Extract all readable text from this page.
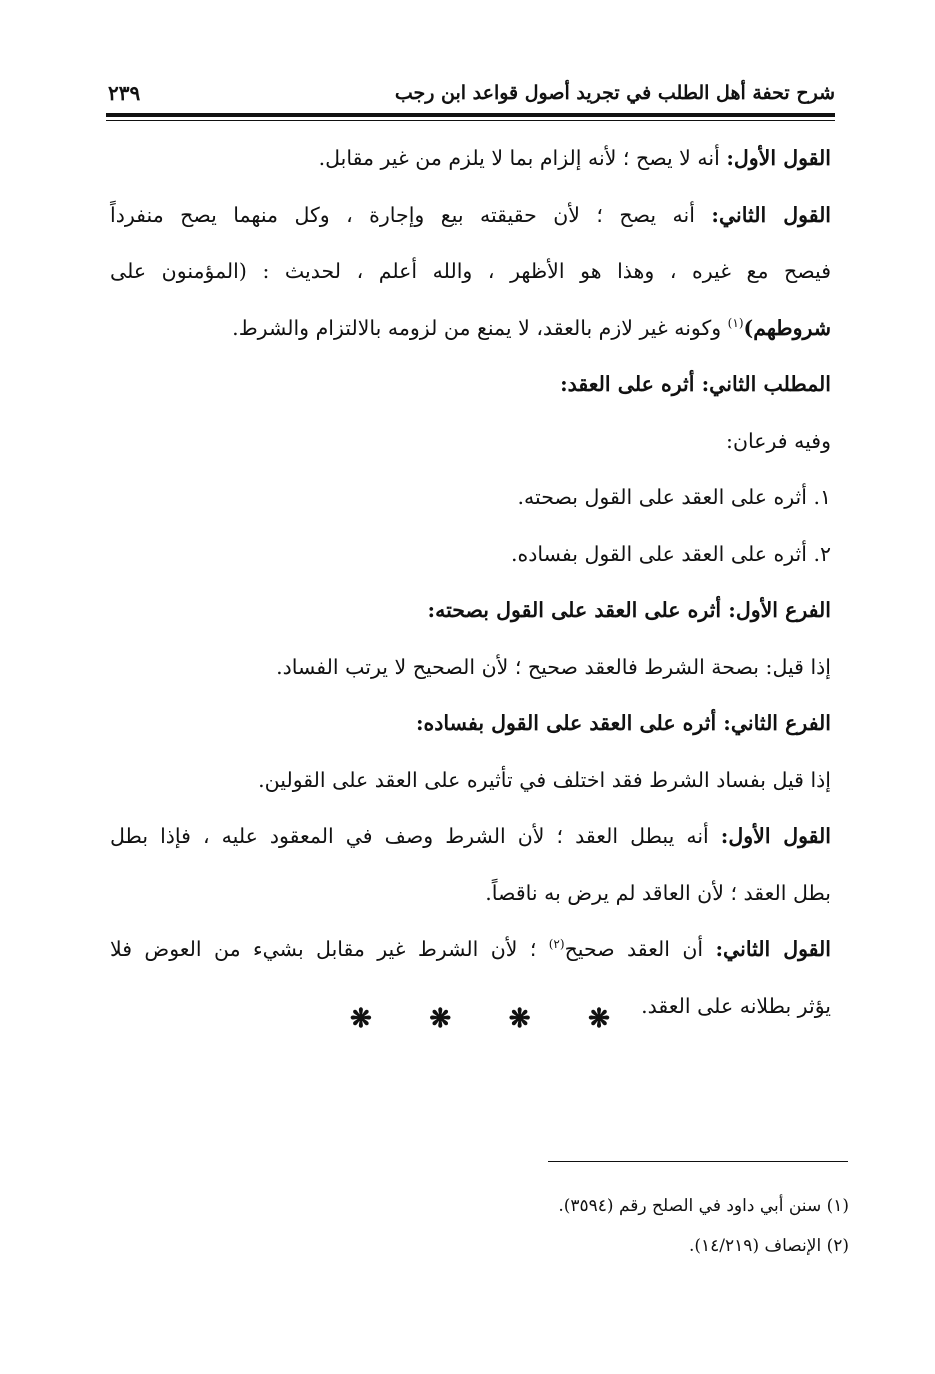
شرح تحفة أهل الطلب في تجريد أصول قواعد ابن رجب
٢٣٩
القول الأول: أنه لا يصح ؛ لأنه إلزام بما لا يلزم من غير مقابل.
القول الثاني: أنه يصح ؛ لأن حقيقته بيع وإجارة ، وكل منهما يصح منفرداً
فيصح مع غيره ، وهذا هو الأظهر ، والله أعلم ، لحديث : (المؤمنون على
شروطهم)$^{(١)}$ وكونه غير لازم بالعقد، لا يمنع من لزومه بالالتزام والشرط.
المطلب الثاني: أثره على العقد:
وفيه فرعان:
١. أثره على العقد على القول بصحته.
٢. أثره على العقد على القول بفساده.
الفرع الأول: أثره على العقد على القول بصحته:
إذا قيل: بصحة الشرط فالعقد صحيح ؛ لأن الصحيح لا يرتب الفساد.
الفرع الثاني: أثره على العقد على القول بفساده:
إذا قيل بفساد الشرط فقد اختلف في تأثيره على العقد على القولين.
القول الأول: أنه يبطل العقد ؛ لأن الشرط وصف في المعقود عليه ، فإذا بطل
بطل العقد ؛ لأن العاقد لم يرض به ناقصاً.
القول الثاني: أن العقد صحيح$^{(٢)}$ ؛ لأن الشرط غير مقابل بشيء من العوض فلا
يؤثر بطلانه على العقد.
❋ ❋ ❋ ❋
(١) سنن أبي داود في الصلح رقم (٣٥٩٤).
(٢) الإنصاف (١٤/٢١٩).
